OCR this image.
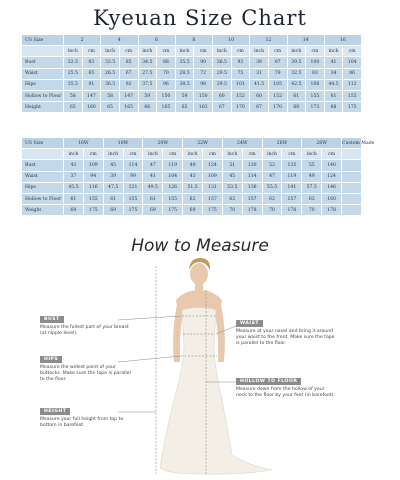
Kyeuan Size Chart
US Size	2		4		6		8		10		12		14		16	
	inch	cm	inch	cm	inch	cm	inch	cm	inch	cm	inch	cm	inch	cm	inch	cm
Bust	32.5	83	33.5	85	34.5	88	35.5	90	36.5	93	38	97	39.5	100	41	104
Waist	25.5	65	26.5	67	27.5	70	28.5	72	29.5	75	31	79	32.5	83	34	86
Hips	35.5	91	36.5	92	37.5	96	38.5	98	39.5	101	41.5	105	42.5	108	44.5	112
Hollow to Floor	58	147	58	147	59	150	59	150	60	152	60	152	61	155	61	155
Height	65	160	65	165	66	165	65	163	67	170	67	170	68	173	68	175
US Size	16W		18W		20W		22W		24W		26W		28W		Custom Made
	inch	cm	inch	cm	inch	cm	inch	cm	inch	cm	inch	cm	inch	cm	
Bust	43	109	45	114	47	119	49	124	51	130	53	135	55	140	
Waist	37	94	39	99	41	104	43	109	45	114	47	119	49	124	
Hips	45.5	116	47.5	121	49.5	126	51.5	131	53.5	136	55.5	141	57.5	146	
Hollow to Floor	61	155	61	155	61	155	62	157	62	157	62	157	63	160	
Weight	69	175	69	175	69	175	69	175	70	178	70	178	70	178	
How to Measure
BUST
Measure the fullest part of your breast (at nipple level).
HIPS
Measure the widest point of your buttocks. Make sure the tape is parallel to the floor.
HEIGHT
Measure your full height from top to bottom in barefoot.
WAIST
Measure at your navel and bring it around your waist to the front. Make sure the tape is parallel to the floor.
HOLLOW TO FLOOR
Measure down from the hollow of your neck to the floor by your feet (in barefoot).
